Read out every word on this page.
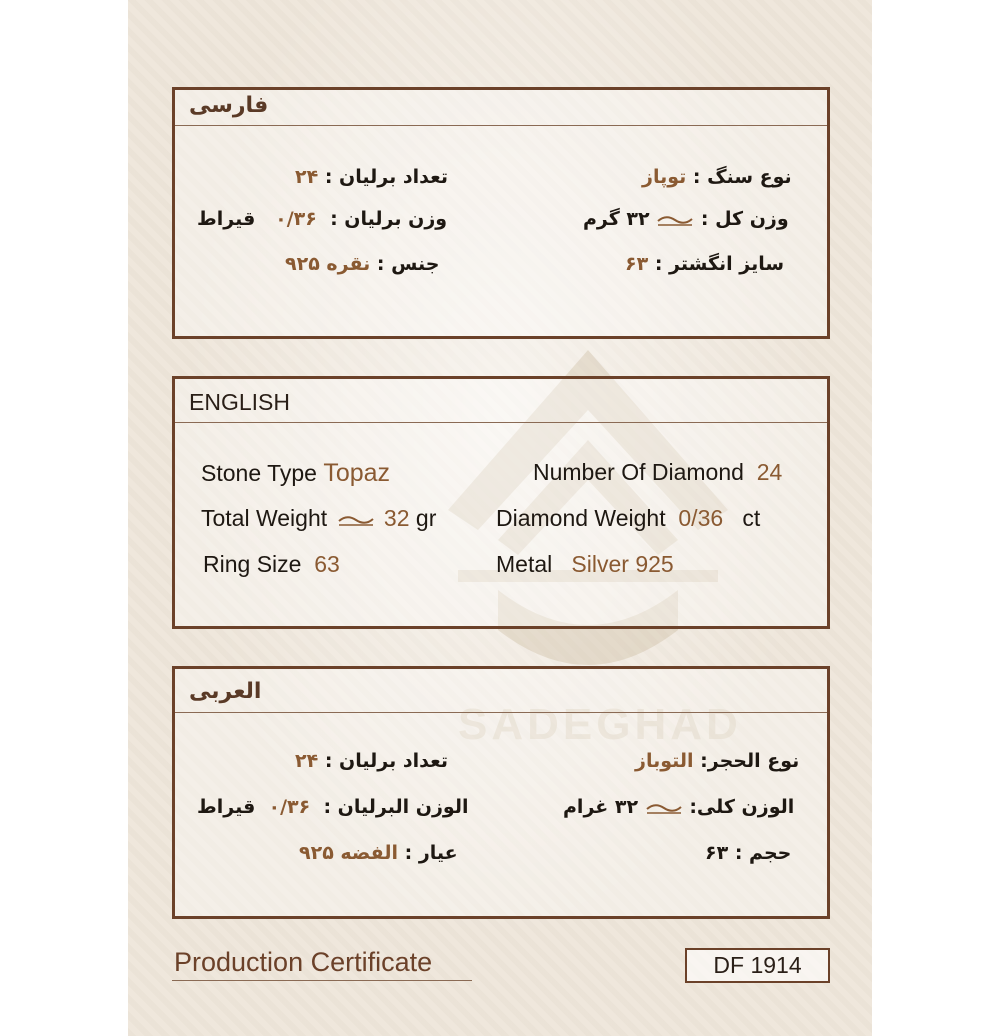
SADEGHAD
فارسی
تعداد برلیان : ۲۴	نوع سنگ : توپاز
وزن برلیان :  ۰/۳۶   قیراط	وزن کل :  ۳۲ گرم
جنس : نقره ۹۲۵	سایز انگشتر : ۶۳
ENGLISH
Stone Type Topaz	Number Of Diamond 24
Total Weight 32 gr	Diamond Weight 0/36 ct
Ring Size 63	Metal Silver 925
العربی
تعداد برلیان : ۲۴	نوع الحجر: التوباز
الوزن البرلیان :  ۰/۳۶  قیراط	الوزن کلی:  ۳۲ غرام
عیار : الفضه ۹۲۵	حجم : ۶۳
Production Certificate	DF 1914
